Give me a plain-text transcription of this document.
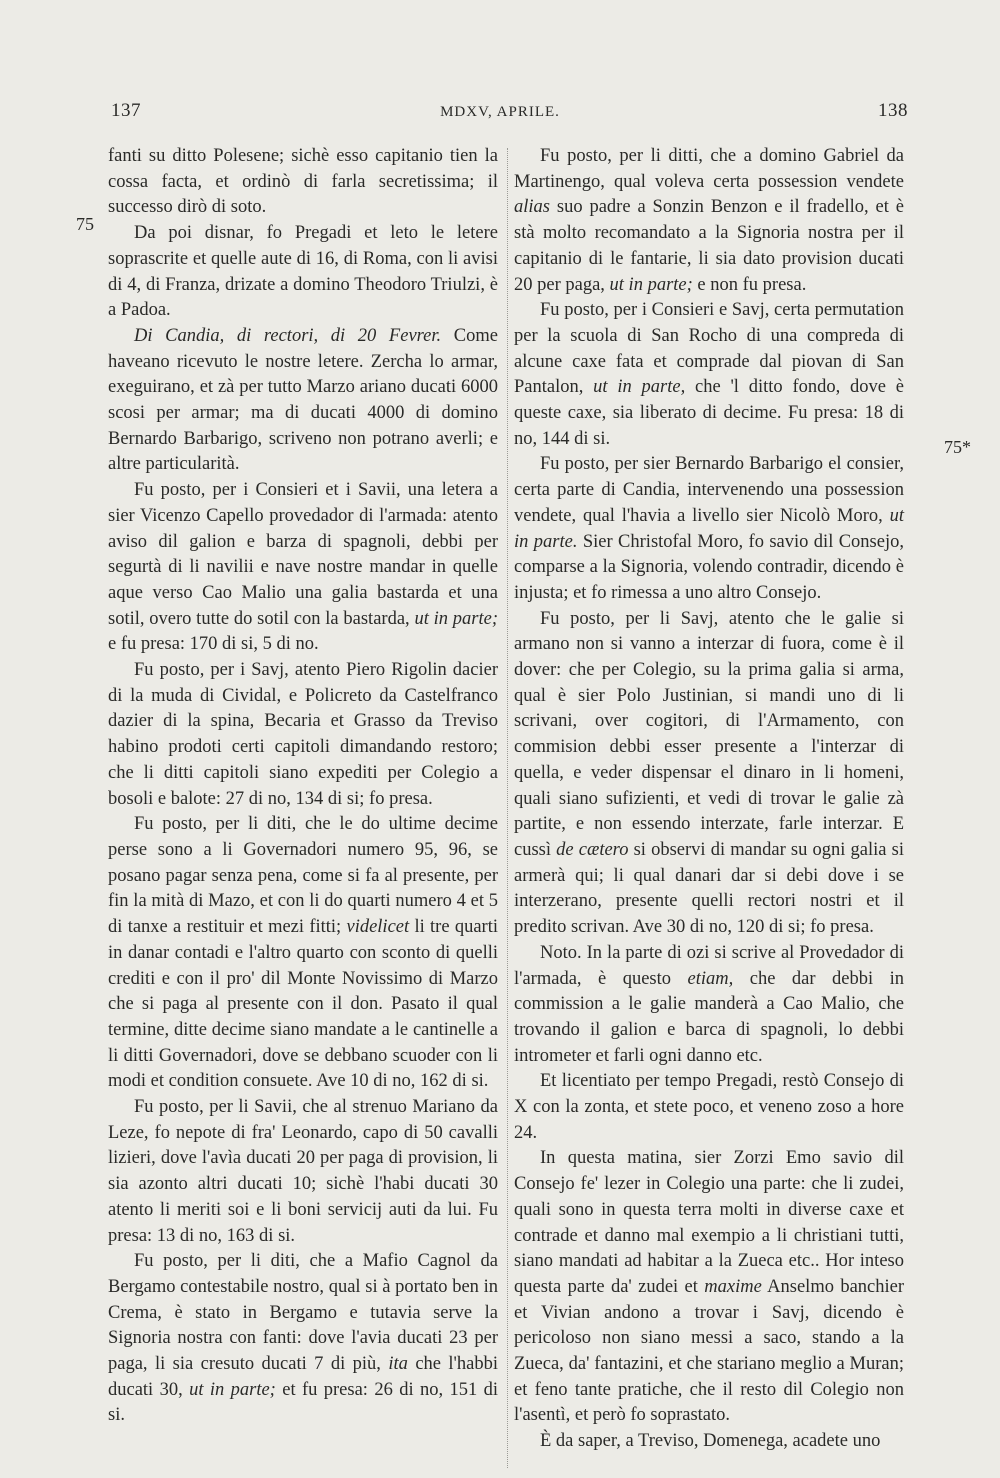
137	MDXV, APRILE.	138
75
75*

fanti su ditto Polesene; sichè esso capitanio tien la cossa facta, et ordinò di farla secretissima; il successo dirò di soto.

Da poi disnar, fo Pregadi et leto le letere soprascrite et quelle aute di 16, di Roma, con li avisi di 4, di Franza, drizate a domino Theodoro Triulzi, è a Padoa.

Di Candia, di rectori, di 20 Fevrer. Come haveano ricevuto le nostre letere. Zercha lo armar, exeguirano, et zà per tutto Marzo ariano ducati 6000 scosi per armar; ma di ducati 4000 di domino Bernardo Barbarigo, scriveno non potrano averli; e altre particularità.

Fu posto, per i Consieri et i Savii, una letera a sier Vicenzo Capello provedador di l'armada: atento aviso dil galion e barza di spagnoli, debbi per segurtà di li navilii e nave nostre mandar in quelle aque verso Cao Malio una galia bastarda et una sotil, overo tutte do sotil con la bastarda, ut in parte; e fu presa: 170 di si, 5 di no.

Fu posto, per i Savj, atento Piero Rigolin dacier di la muda di Cividal, e Policreto da Castelfranco dazier di la spina, Becaria et Grasso da Treviso habino prodoti certi capitoli dimandando restoro; che li ditti capitoli siano expediti per Colegio a bosoli e balote: 27 di no, 134 di si; fo presa.

Fu posto, per li diti, che le do ultime decime perse sono a li Governadori numero 95, 96, se posano pagar senza pena, come si fa al presente, per fin la mità di Mazo, et con li do quarti numero 4 et 5 di tanxe a restituir et mezi fitti; videlicet li tre quarti in danar contadi e l'altro quarto con sconto di quelli crediti e con il pro' dil Monte Novissimo di Marzo che si paga al presente con il don. Pasato il qual termine, ditte decime siano mandate a le cantinelle a li ditti Governadori, dove se debbano scuoder con li modi et condition consuete. Ave 10 di no, 162 di si.

Fu posto, per li Savii, che al strenuo Mariano da Leze, fo nepote di fra' Leonardo, capo di 50 cavalli lizieri, dove l'avìa ducati 20 per paga di provision, li sia azonto altri ducati 10; sichè l'habi ducati 30 atento li meriti soi e li boni servicij auti da lui. Fu presa: 13 di no, 163 di si.

Fu posto, per li diti, che a Mafio Cagnol da Bergamo contestabile nostro, qual si à portato ben in Crema, è stato in Bergamo e tutavia serve la Signoria nostra con fanti: dove l'avia ducati 23 per paga, li sia cresuto ducati 7 di più, ita che l'habbi ducati 30, ut in parte; et fu presa: 26 di no, 151 di si.

Fu posto, per li ditti, che a domino Gabriel da Martinengo, qual voleva certa possession vendete alias suo padre a Sonzin Benzon e il fradello, et è stà molto recomandato a la Signoria nostra per il capitanio di le fantarie, li sia dato provision ducati 20 per paga, ut in parte; e non fu presa.

Fu posto, per i Consieri e Savj, certa permutation per la scuola di San Rocho di una compreda di alcune caxe fata et comprade dal piovan di San Pantalon, ut in parte, che 'l ditto fondo, dove è queste caxe, sia liberato di decime. Fu presa: 18 di no, 144 di si.

Fu posto, per sier Bernardo Barbarigo el consier, certa parte di Candia, intervenendo una possession vendete, qual l'havia a livello sier Nicolò Moro, ut in parte. Sier Christofal Moro, fo savio dil Consejo, comparse a la Signoria, volendo contradir, dicendo è injusta; et fo rimessa a uno altro Consejo.

Fu posto, per li Savj, atento che le galie si armano non si vanno a interzar di fuora, come è il dover: che per Colegio, su la prima galia si arma, qual è sier Polo Justinian, si mandi uno di li scrivani, over cogitori, di l'Armamento, con commision debbi esser presente a l'interzar di quella, e veder dispensar el dinaro in li homeni, quali siano sufizienti, et vedi di trovar le galie zà partite, e non essendo interzate, farle interzar. E cussì de cætero si observi di mandar su ogni galia si armerà qui; li qual danari dar si debi dove i se interzerano, presente quelli rectori nostri et il predito scrivan. Ave 30 di no, 120 di si; fo presa.

Noto. In la parte di ozi si scrive al Provedador di l'armada, è questo etiam, che dar debbi in commission a le galie manderà a Cao Malio, che trovando il galion e barca di spagnoli, lo debbi intrometer et farli ogni danno etc.

Et licentiato per tempo Pregadi, restò Consejo di X con la zonta, et stete poco, et veneno zoso a hore 24.

In questa matina, sier Zorzi Emo savio dil Consejo fe' lezer in Colegio una parte: che li zudei, quali sono in questa terra molti in diverse caxe et contrade et danno mal exempio a li christiani tutti, siano mandati ad habitar a la Zueca etc.. Hor inteso questa parte da' zudei et maxime Anselmo banchier et Vivian andono a trovar i Savj, dicendo è pericoloso non siano messi a saco, stando a la Zueca, da' fantazini, et che stariano meglio a Muran; et feno tante pratiche, che il resto dil Colegio non l'asentì, et però fo soprastato.

È da saper, a Treviso, Domenega, acadete uno
